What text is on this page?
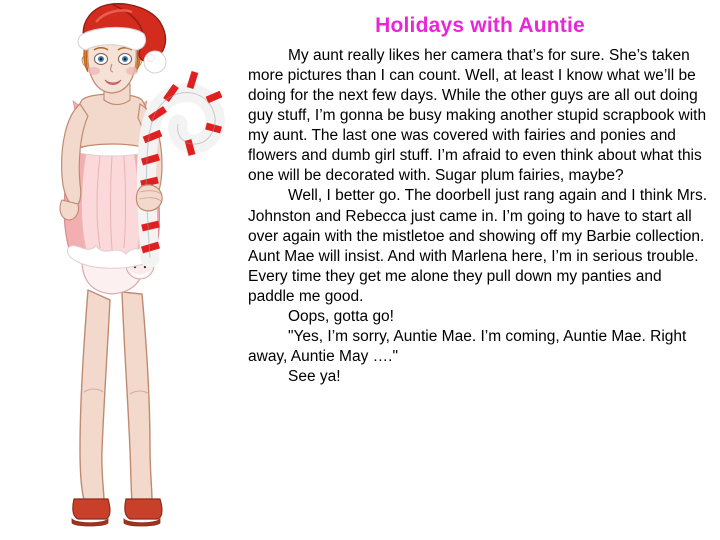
Holidays with Auntie

My aunt really likes her camera that’s for sure. She’s taken more pictures than I can count. Well, at least I know what we’ll be doing for the next few days. While the other guys are all out doing guy stuff, I’m gonna be busy making another stupid scrapbook with my aunt. The last one was covered with fairies and ponies and flowers and dumb girl stuff. I’m afraid to even think about what this one will be decorated with. Sugar plum fairies, maybe?

Well, I better go. The doorbell just rang again and I think Mrs. Johnston and Rebecca just came in. I’m going to have to start all over again with the mistletoe and showing off my Barbie collection. Aunt Mae will insist. And with Marlena here, I’m in serious trouble. Every time they get me alone they pull down my panties and paddle me good.

Oops, gotta go!

"Yes, I’m sorry, Auntie Mae. I’m coming, Auntie Mae. Right away, Auntie May …."

See ya!
